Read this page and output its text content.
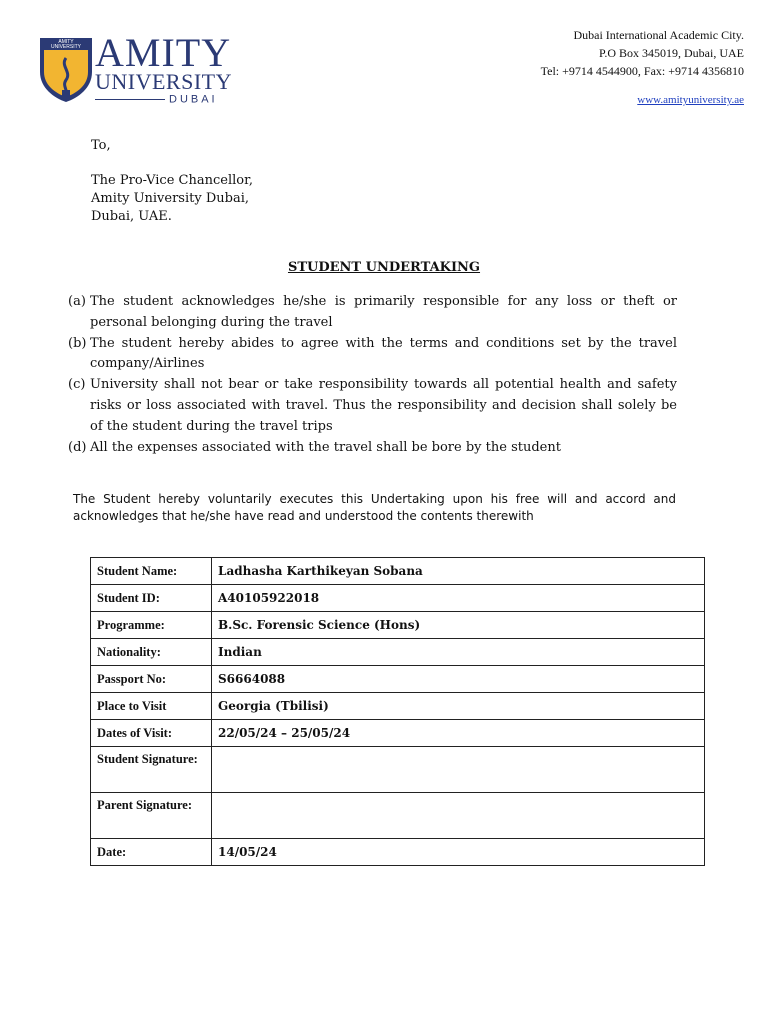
AMITY UNIVERSITY AMITY
UNIVERSITY
DUBAI
Dubai International Academic City.
P.O Box 345019, Dubai, UAE
Tel: +9714 4544900, Fax: +9714 4356810
www.amityuniversity.ae
To,
The Pro-Vice Chancellor,
Amity University Dubai,
Dubai, UAE.
STUDENT UNDERTAKING
(a) The student acknowledges he/she is primarily responsible for any loss or theft or personal belonging during the travel
(b) The student hereby abides to agree with the terms and conditions set by the travel company/Airlines
(c) University shall not bear or take responsibility towards all potential health and safety risks or loss associated with travel. Thus the responsibility and decision shall solely be of the student during the travel trips
(d) All the expenses associated with the travel shall be bore by the student
The Student hereby voluntarily executes this Undertaking upon his free will and accord and acknowledges that he/she have read and understood the contents therewith
Student Name:	Ladhasha Karthikeyan Sobana
Student ID:	A40105922018
Programme:	B.Sc. Forensic Science (Hons)
Nationality:	Indian
Passport No:	S6664088
Place to Visit	Georgia (Tbilisi)
Dates of Visit:	22/05/24 – 25/05/24
Student Signature:	
Parent Signature:	
Date:	14/05/24
